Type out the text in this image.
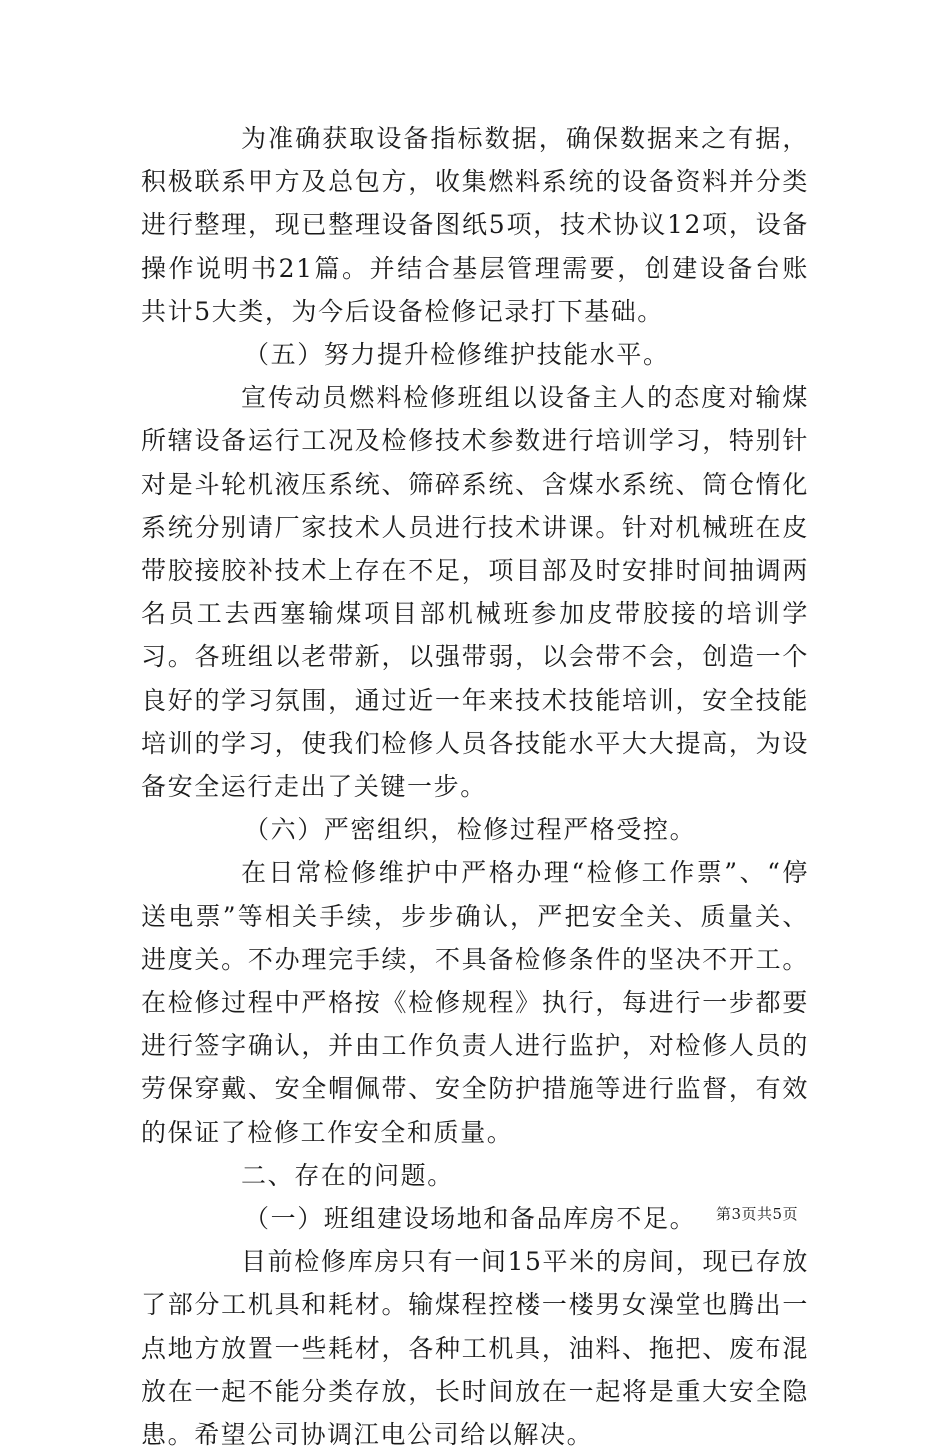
为准确获取设备指标数据，确保数据来之有据，积极联系甲方及总包方，收集燃料系统的设备资料并分类进行整理，现已整理设备图纸5项，技术协议12项，设备操作说明书21篇。并结合基层管理需要，创建设备台账共计5大类，为今后设备检修记录打下基础。

（五）努力提升检修维护技能水平。

宣传动员燃料检修班组以设备主人的态度对输煤所辖设备运行工况及检修技术参数进行培训学习，特别针对是斗轮机液压系统、筛碎系统、含煤水系统、筒仓惰化系统分别请厂家技术人员进行技术讲课。针对机械班在皮带胶接胶补技术上存在不足，项目部及时安排时间抽调两名员工去西塞输煤项目部机械班参加皮带胶接的培训学习。各班组以老带新，以强带弱，以会带不会，创造一个良好的学习氛围，通过近一年来技术技能培训，安全技能培训的学习，使我们检修人员各技能水平大大提高，为设备安全运行走出了关键一步。

（六）严密组织，检修过程严格受控。

在日常检修维护中严格办理“检修工作票”、“停送电票”等相关手续，步步确认，严把安全关、质量关、进度关。不办理完手续，不具备检修条件的坚决不开工。在检修过程中严格按《检修规程》执行，每进行一步都要进行签字确认，并由工作负责人进行监护，对检修人员的劳保穿戴、安全帽佩带、安全防护措施等进行监督，有效的保证了检修工作安全和质量。

二、存在的问题。

（一）班组建设场地和备品库房不足。

目前检修库房只有一间15平米的房间，现已存放了部分工机具和耗材。输煤程控楼一楼男女澡堂也腾出一点地方放置一些耗材，各种工机具，油料、拖把、废布混放在一起不能分类存放，长时间放在一起将是重大安全隐患。希望公司协调江电公司给以解决。

第3页共5页
